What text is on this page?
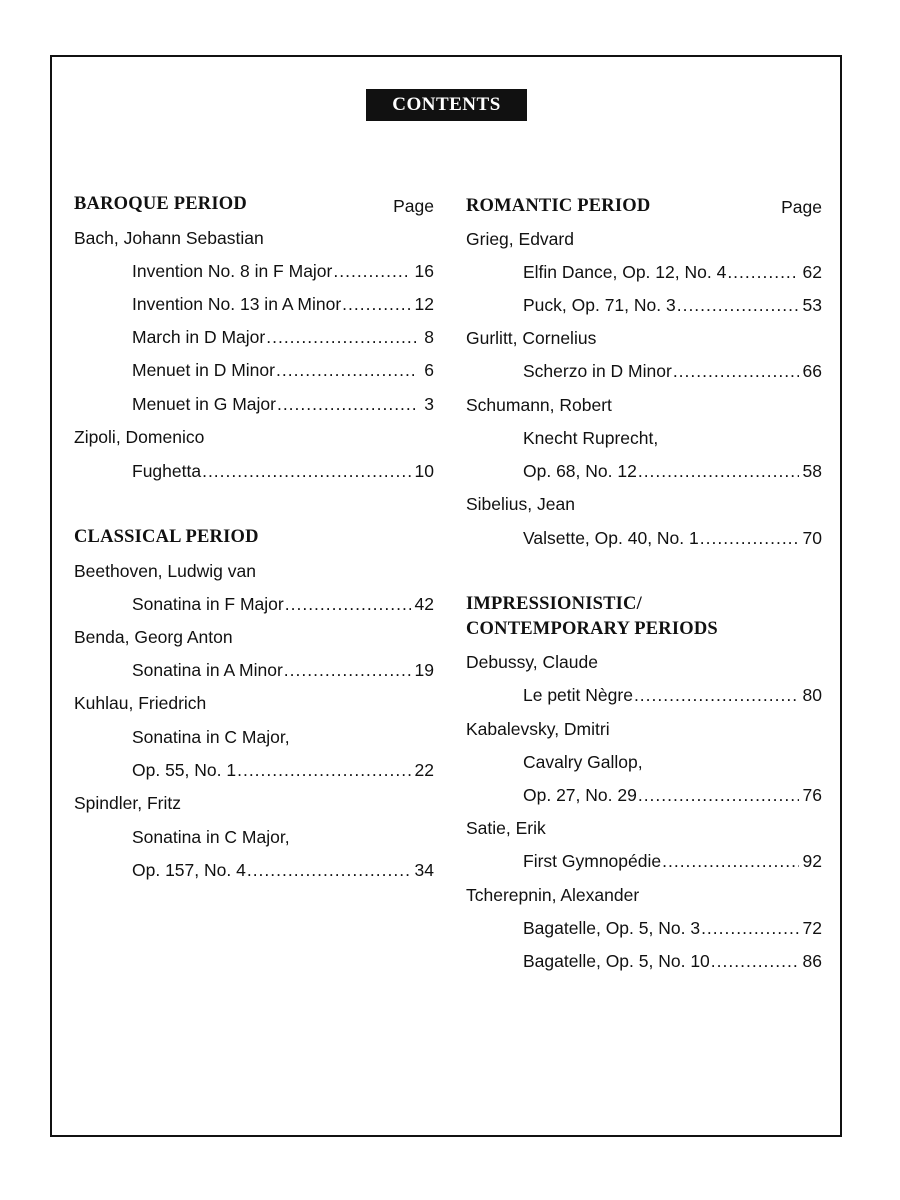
CONTENTS
BAROQUE PERIOD	Page
Bach, Johann Sebastian
Invention No. 8 in F Major .....	16
Invention No. 13 in A Minor .....	12
March in D Major .....	8
Menuet in D Minor .....	6
Menuet in G Major .....	3
Zipoli, Domenico
Fughetta .....	10
CLASSICAL PERIOD
Beethoven, Ludwig van
Sonatina in F Major .....	42
Benda, Georg Anton
Sonatina in A Minor .....	19
Kuhlau, Friedrich
Sonatina in C Major,
Op. 55, No. 1 .....	22
Spindler, Fritz
Sonatina in C Major,
Op. 157, No. 4 .....	34
ROMANTIC PERIOD	Page
Grieg, Edvard
Elfin Dance, Op. 12, No. 4 .....	62
Puck, Op. 71, No. 3 .....	53
Gurlitt, Cornelius
Scherzo in D Minor .....	66
Schumann, Robert
Knecht Ruprecht,
Op. 68, No. 12 .....	58
Sibelius, Jean
Valsette, Op. 40, No. 1 .....	70
IMPRESSIONISTIC/
CONTEMPORARY PERIODS
Debussy, Claude
Le petit Nègre .....	80
Kabalevsky, Dmitri
Cavalry Gallop,
Op. 27, No. 29 .....	76
Satie, Erik
First Gymnopédie .....	92
Tcherepnin, Alexander
Bagatelle, Op. 5, No. 3 .....	72
Bagatelle, Op. 5, No. 10 .....	86
